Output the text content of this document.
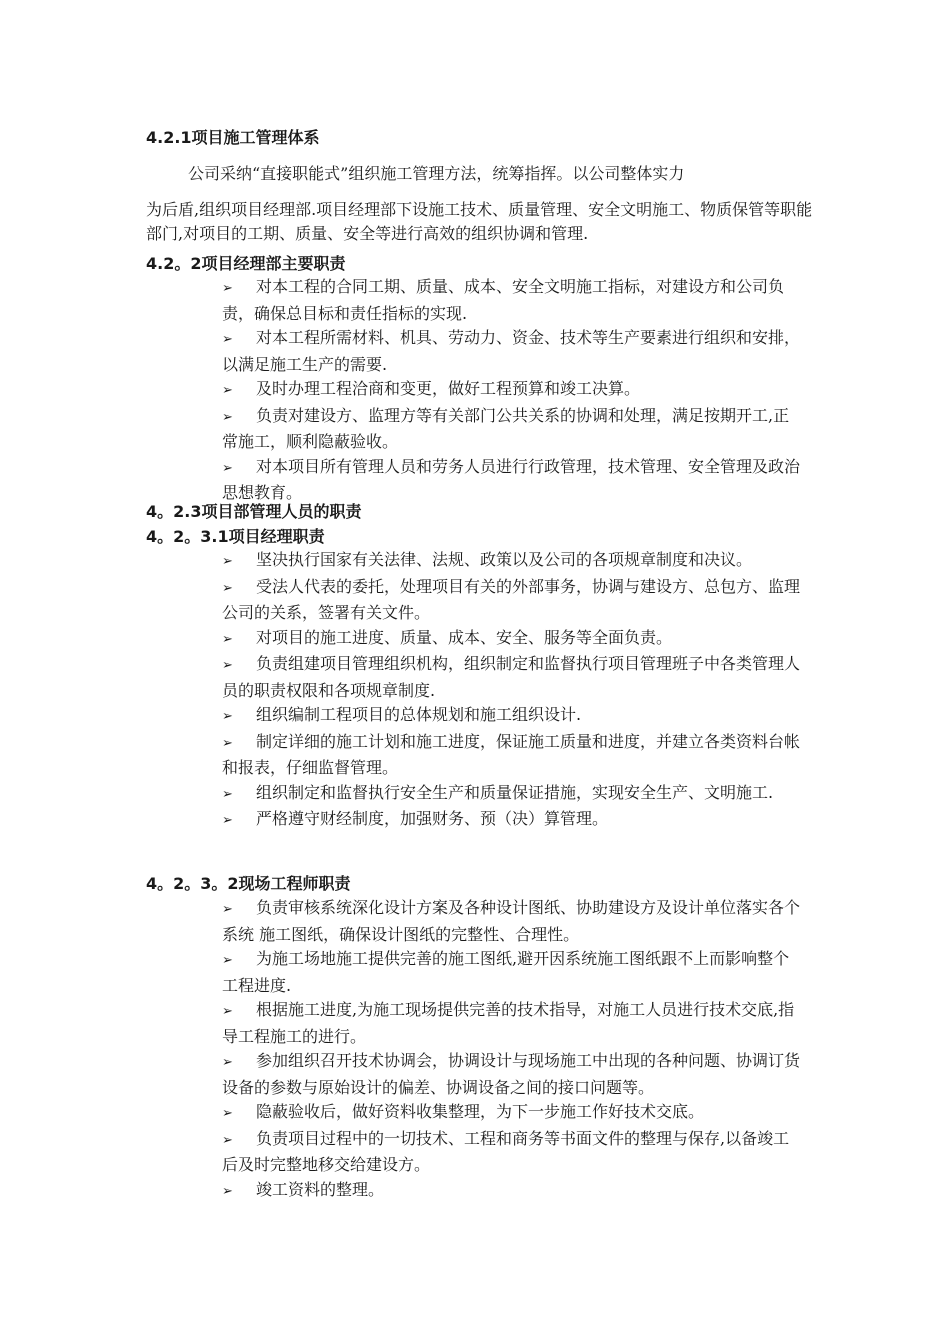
4.2.1项目施工管理体系
公司采纳“直接职能式”组织施工管理方法，统筹指挥。以公司整体实力
为后盾,组织项目经理部.项目经理部下设施工技术、质量管理、安全文明施工、物质保管等职能部门,对项目的工期、质量、安全等进行高效的组织协调和管理.
4.2。2项目经理部主要职责
➢ 对本工程的合同工期、质量、成本、安全文明施工指标，对建设方和公司负责，确保总目标和责任指标的实现.
➢ 对本工程所需材料、机具、劳动力、资金、技术等生产要素进行组织和安排，以满足施工生产的需要.
➢ 及时办理工程洽商和变更，做好工程预算和竣工决算。
➢ 负责对建设方、监理方等有关部门公共关系的协调和处理，满足按期开工,正常施工，顺利隐蔽验收。
➢ 对本项目所有管理人员和劳务人员进行行政管理，技术管理、安全管理及政治思想教育。
4。2.3项目部管理人员的职责
4。2。3.1项目经理职责
➢ 坚决执行国家有关法律、法规、政策以及公司的各项规章制度和决议。
➢ 受法人代表的委托，处理项目有关的外部事务，协调与建设方、总包方、监理公司的关系，签署有关文件。
➢ 对项目的施工进度、质量、成本、安全、服务等全面负责。
➢ 负责组建项目管理组织机构，组织制定和监督执行项目管理班子中各类管理人员的职责权限和各项规章制度.
➢ 组织编制工程项目的总体规划和施工组织设计.
➢ 制定详细的施工计划和施工进度，保证施工质量和进度，并建立各类资料台帐和报表，仔细监督管理。
➢ 组织制定和监督执行安全生产和质量保证措施，实现安全生产、文明施工.
➢ 严格遵守财经制度，加强财务、预（决）算管理。
4。2。3。2现场工程师职责
➢ 负责审核系统深化设计方案及各种设计图纸、协助建设方及设计单位落实各个系统 施工图纸，确保设计图纸的完整性、合理性。
➢ 为施工场地施工提供完善的施工图纸,避开因系统施工图纸跟不上而影响整个工程进度.
➢ 根据施工进度,为施工现场提供完善的技术指导，对施工人员进行技术交底,指导工程施工的进行。
➢ 参加组织召开技术协调会，协调设计与现场施工中出现的各种问题、协调订货设备的参数与原始设计的偏差、协调设备之间的接口问题等。
➢ 隐蔽验收后，做好资料收集整理，为下一步施工作好技术交底。
➢ 负责项目过程中的一切技术、工程和商务等书面文件的整理与保存,以备竣工后及时完整地移交给建设方。
➢ 竣工资料的整理。
